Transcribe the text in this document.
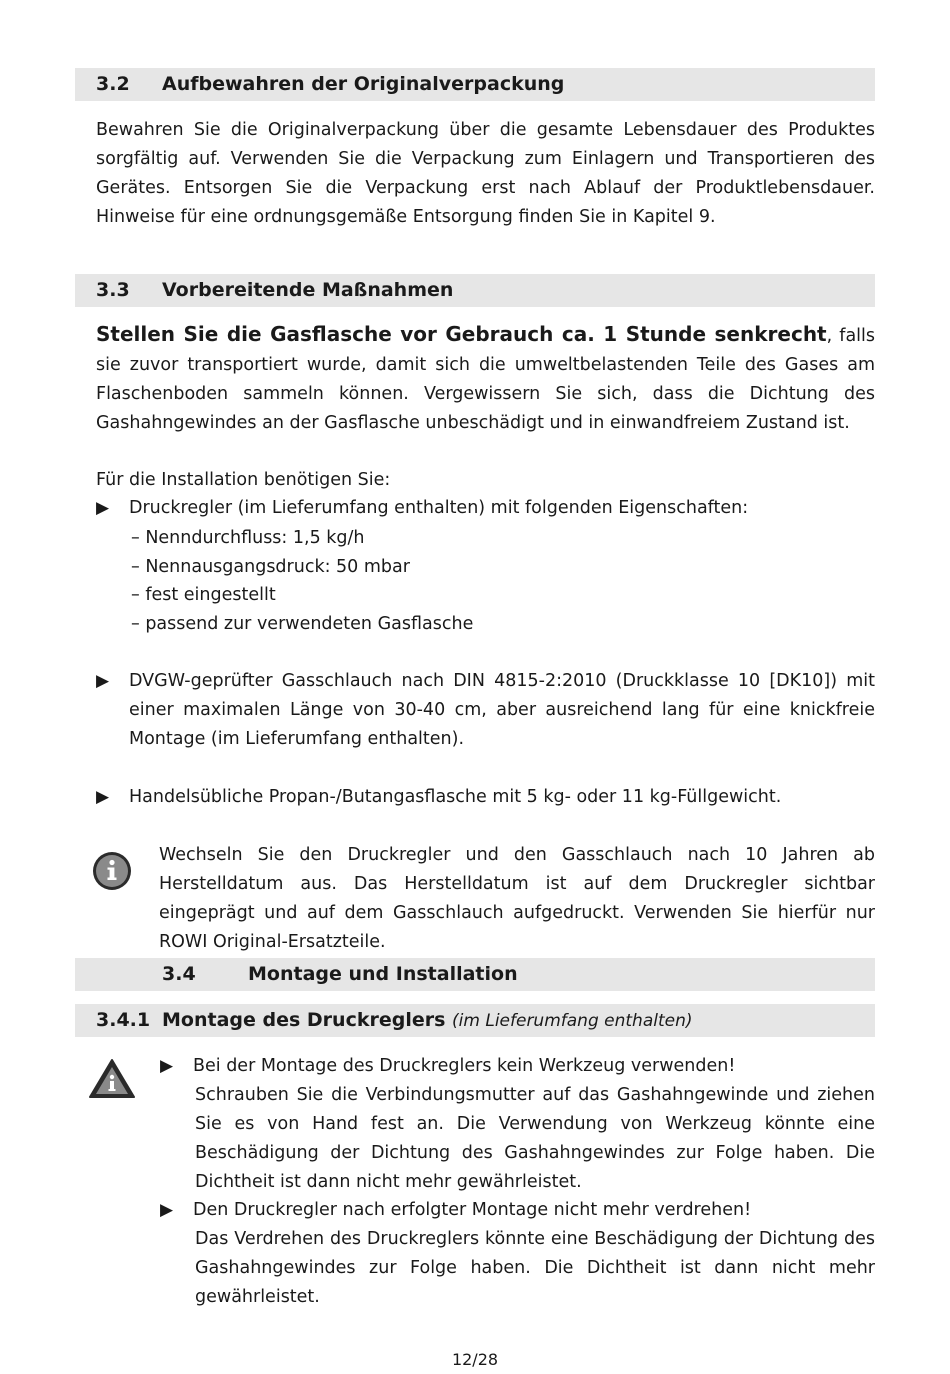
3.2 Aufbewahren der Originalverpackung

Bewahren Sie die Originalverpackung über die gesamte Lebensdauer des Produktes sorgfältig auf. Verwenden Sie die Verpackung zum Einlagern und Transportieren des Gerätes. Entsorgen Sie die Verpackung erst nach Ablauf der Produktlebensdauer. Hinweise für eine ordnungsgemäße Entsorgung finden Sie in Kapitel 9.

3.3 Vorbereitende Maßnahmen

Stellen Sie die Gasflasche vor Gebrauch ca. 1 Stunde senkrecht, falls sie zuvor transportiert wurde, damit sich die umweltbelastenden Teile des Gases am Flaschenboden sammeln können. Vergewissern Sie sich, dass die Dichtung des Gashahngewindes an der Gasflasche unbeschädigt und in einwandfreiem Zustand ist.

Für die Installation benötigen Sie:
▶ Druckregler (im Lieferumfang enthalten) mit folgenden Eigenschaften:
– Nenndurchfluss: 1,5 kg/h
– Nennausgangsdruck: 50 mbar
– fest eingestellt
– passend zur verwendeten Gasflasche
▶ DVGW-geprüfter Gasschlauch nach DIN 4815-2:2010 (Druckklasse 10 [DK10]) mit einer maximalen Länge von 30-40 cm, aber ausreichend lang für eine knickfreie Montage (im Lieferumfang enthalten).

▶ Handelsübliche Propan-/Butangasflasche mit 5 kg- oder 11 kg-Füllgewicht.

Wechseln Sie den Druckregler und den Gasschlauch nach 10 Jahren ab Herstelldatum aus. Das Herstelldatum ist auf dem Druckregler sichtbar eingeprägt und auf dem Gasschlauch aufgedruckt. Verwenden Sie hierfür nur ROWI Original-Ersatzteile.

3.4	Montage und Installation
3.4.1 Montage des Druckreglers (im Lieferumfang enthalten)
▶ Bei der Montage des Druckreglers kein Werkzeug verwenden!

Schrauben Sie die Verbindungsmutter auf das Gashahngewinde und ziehen Sie es von Hand fest an. Die Verwendung von Werkzeug könnte eine Beschädigung der Dichtung des Gashahngewindes zur Folge haben. Die Dichtheit ist dann nicht mehr gewährleistet.

▶ Den Druckregler nach erfolgter Montage nicht mehr verdrehen!

Das Verdrehen des Druckreglers könnte eine Beschädigung der Dichtung des Gashahngewindes zur Folge haben. Die Dichtheit ist dann nicht mehr gewährleistet.

12/28
